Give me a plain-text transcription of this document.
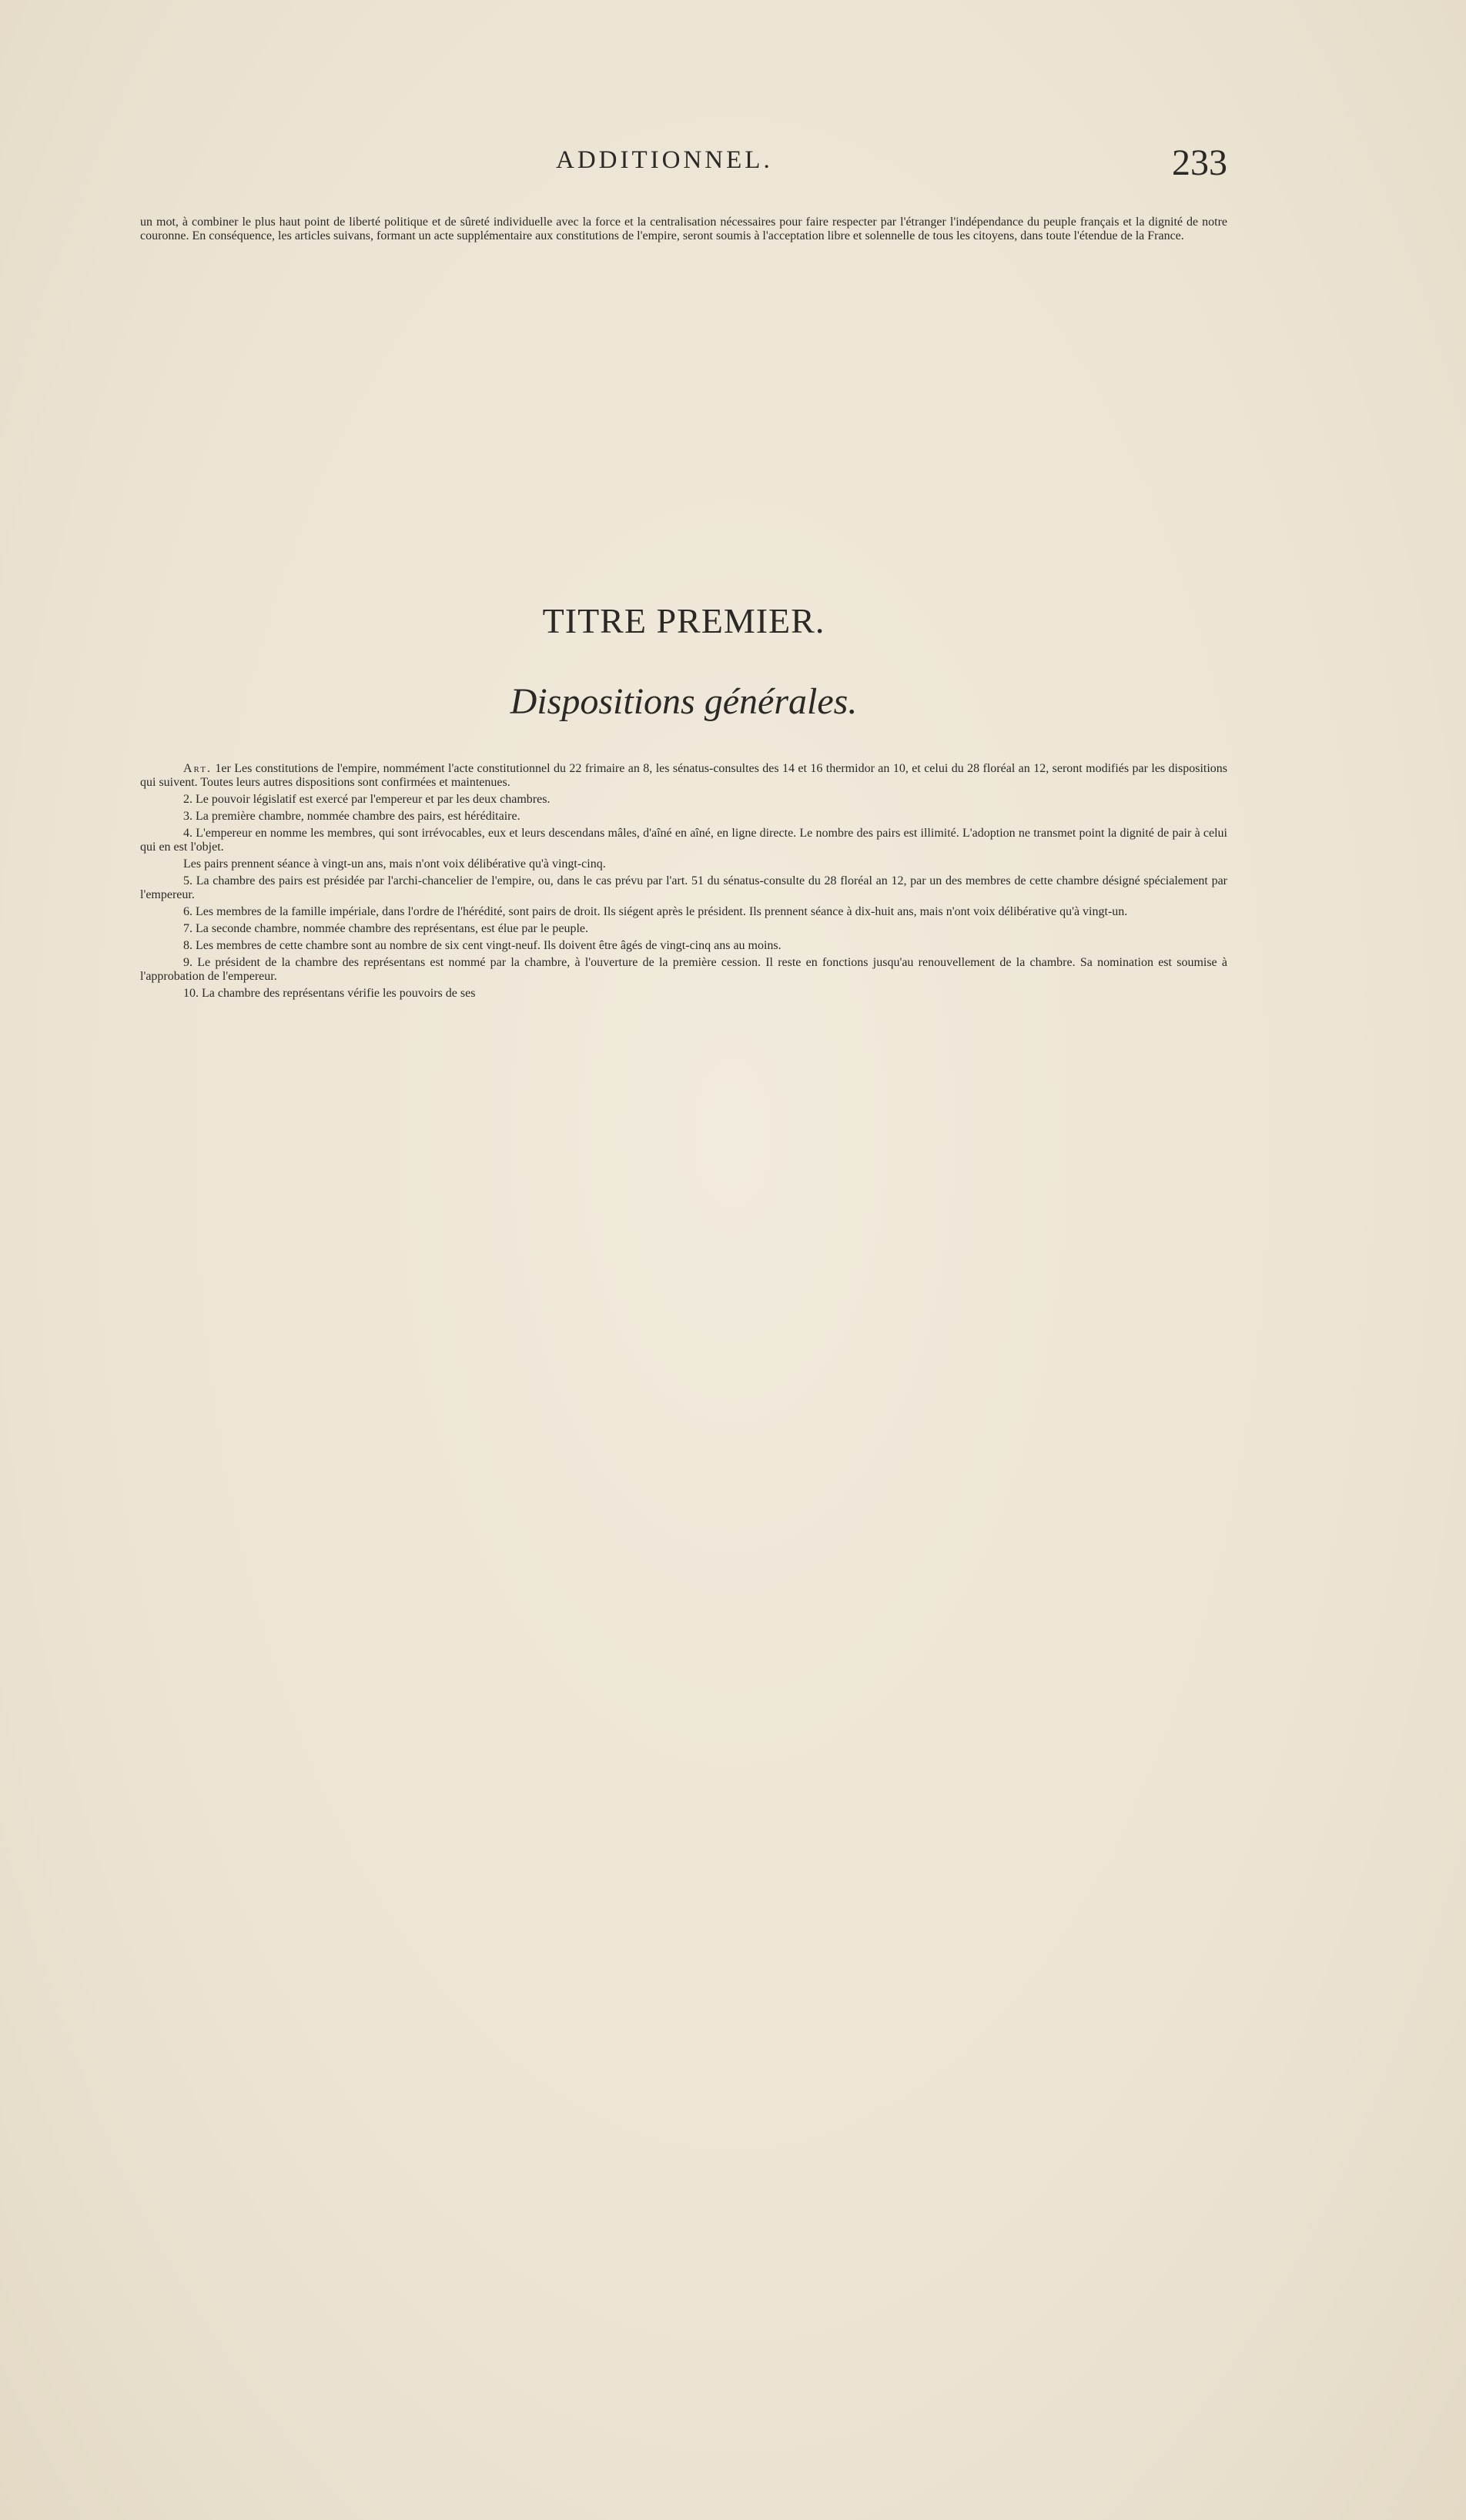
ADDITIONNEL.	233

un mot, à combiner le plus haut point de liberté politique et de sûreté individuelle avec la force et la centralisation nécessaires pour faire respecter par l'étranger l'indépendance du peuple français et la dignité de notre couronne. En conséquence, les articles suivans, formant un acte supplémentaire aux constitutions de l'empire, seront soumis à l'acceptation libre et solennelle de tous les citoyens, dans toute l'étendue de la France.

TITRE PREMIER.
Dispositions générales.

Art. 1er Les constitutions de l'empire, nommément l'acte constitutionnel du 22 frimaire an 8, les sénatus-consultes des 14 et 16 thermidor an 10, et celui du 28 floréal an 12, seront modifiés par les dispositions qui suivent. Toutes leurs autres dispositions sont confirmées et maintenues.

2. Le pouvoir législatif est exercé par l'empereur et par les deux chambres.

3. La première chambre, nommée chambre des pairs, est héréditaire.

4. L'empereur en nomme les membres, qui sont irrévocables, eux et leurs descendans mâles, d'aîné en aîné, en ligne directe. Le nombre des pairs est illimité. L'adoption ne transmet point la dignité de pair à celui qui en est l'objet.

Les pairs prennent séance à vingt-un ans, mais n'ont voix délibérative qu'à vingt-cinq.

5. La chambre des pairs est présidée par l'archi-chancelier de l'empire, ou, dans le cas prévu par l'art. 51 du sénatus-consulte du 28 floréal an 12, par un des membres de cette chambre désigné spécialement par l'empereur.

6. Les membres de la famille impériale, dans l'ordre de l'hérédité, sont pairs de droit. Ils siégent après le président. Ils prennent séance à dix-huit ans, mais n'ont voix délibérative qu'à vingt-un.

7. La seconde chambre, nommée chambre des représentans, est élue par le peuple.

8. Les membres de cette chambre sont au nombre de six cent vingt-neuf. Ils doivent être âgés de vingt-cinq ans au moins.

9. Le président de la chambre des représentans est nommé par la chambre, à l'ouverture de la première cession. Il reste en fonctions jusqu'au renouvellement de la chambre. Sa nomination est soumise à l'approbation de l'empereur.

10. La chambre des représentans vérifie les pouvoirs de ses
